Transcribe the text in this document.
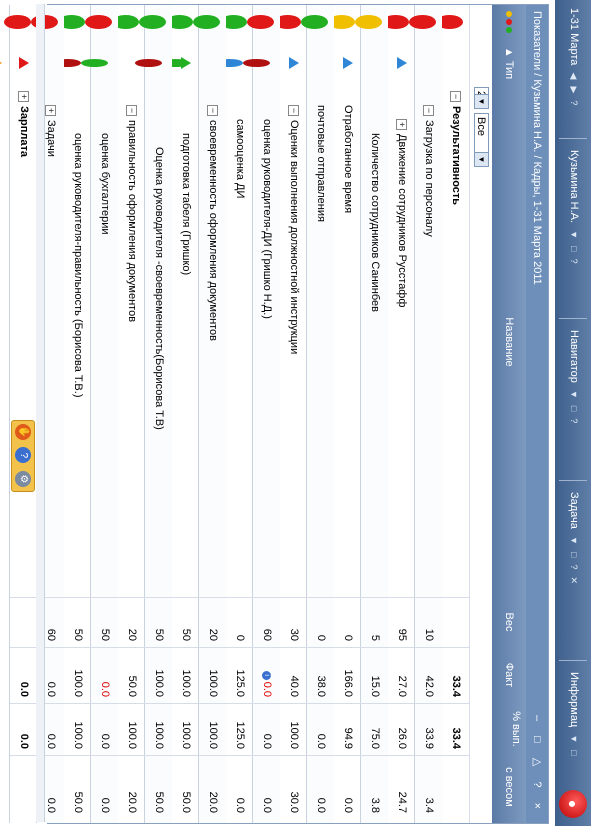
1-31 Марта ◀ ▶ ?
Кузьмина Н.А. ▼ □ ?
Навигатор ▼ □ ?
Задача ▼ □ ? ✕
Информац ▼ □
●
Показатели / Кузьмина Н.А. / Кадры, 1-31 Марта 2011
– □ △ ? ×
▲ Тип
Название
Вес
Факт
% вып.
с весом
▼
Все
▼
−Результативность
33.4
33.4
−Загрузка по персоналу
10
42.0
33.9
3.4
+Движение сотрудников Русстафф
95
27.0
26.0
24.7
Количество сотрудников Санинбев
5
15.0
75.0
3.8
Отработанное время
0
166.0
94.9
0.0
почтовые отправления
0
38.0
0.0
0.0
−Оценки выполнения должностной инструкции
30
40.0
100.0
30.0
оценка руководителя-ДИ (Гришко Н.Д.)
60
i0.0
0.0
0.0
самооценка ДИ
0
125.0
125.0
0.0
−своевременность оформления документов
20
100.0
100.0
20.0
подготовка табеля (Гришко)
50
100.0
100.0
50.0
Оценка руководителя -своевременность(Борисова Т.В)
50
100.0
100.0
50.0
−правильность оформления документов
20
50.0
100.0
20.0
оценка бухгалтерии
50
0.0
0.0
0.0
оценка руководителя-правильность (Борисова Т.В.)
50
100.0
100.0
50.0
+Задачи
60
0.0
0.0
0.0
+Зарплата
0.0
0.0
✋ ? ⚙
